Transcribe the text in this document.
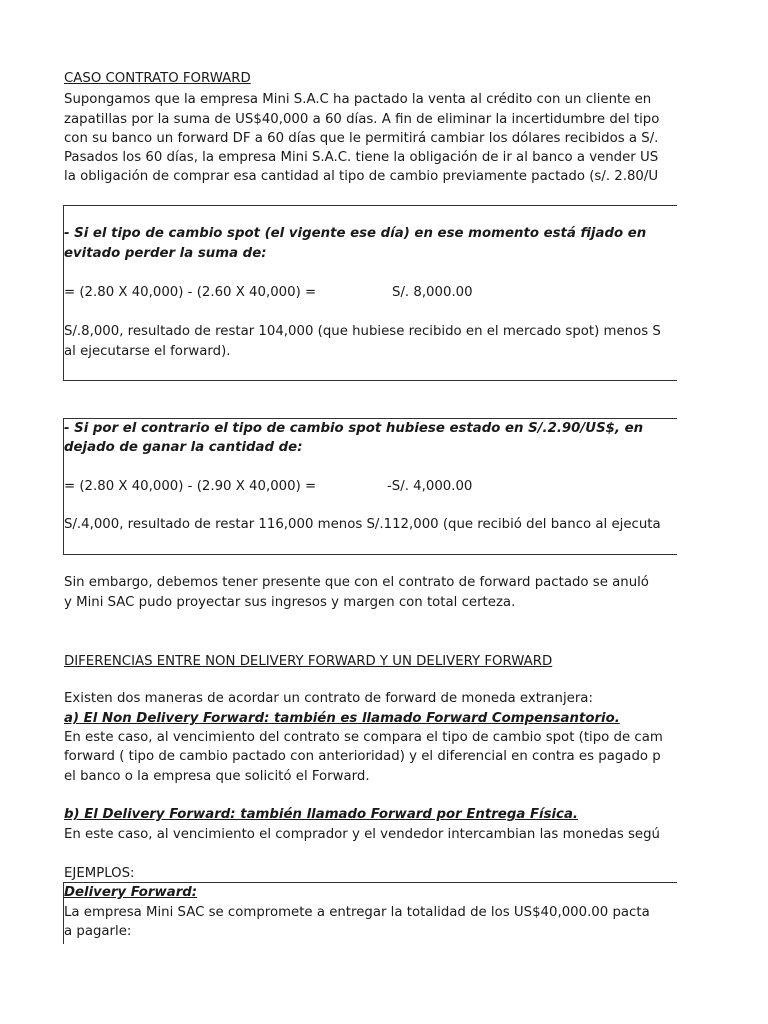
CASO CONTRATO FORWARD
Supongamos que la empresa Mini S.A.C ha pactado la venta al crédito con un cliente en
zapatillas por la suma de US$40,000 a 60 días. A fin de eliminar la incertidumbre del tipo
con su banco un forward DF a 60 días que le permitirá cambiar los dólares recibidos a S/.
Pasados los 60 días, la empresa Mini S.A.C. tiene la obligación de ir al banco a vender US
la obligación de comprar esa cantidad al tipo de cambio previamente pactado (s/. 2.80/U
- Si el tipo de cambio spot (el vigente ese día) en ese momento está fijado en
evitado perder la suma de:
= (2.80 X 40,000) - (2.60 X 40,000) =	S/. 8,000.00
S/.8,000, resultado de restar 104,000 (que hubiese recibido en el mercado spot) menos S
al ejecutarse el forward).
- Si por el contrario el tipo de cambio spot hubiese estado en S/.2.90/US$, en
dejado de ganar la cantidad de:
= (2.80 X 40,000) - (2.90 X 40,000) =	-S/. 4,000.00
S/.4,000, resultado de restar 116,000 menos S/.112,000 (que recibió del banco al ejecuta
Sin embargo, debemos tener presente que con el contrato de forward pactado se anuló
y Mini SAC pudo proyectar sus ingresos y margen con total certeza.
DIFERENCIAS ENTRE NON DELIVERY FORWARD Y UN DELIVERY FORWARD
Existen dos maneras de acordar un contrato de forward de moneda extranjera:
a) El Non Delivery Forward: también es llamado Forward Compensantorio.
En este caso, al vencimiento del contrato se compara el tipo de cambio spot (tipo de cam
forward ( tipo de cambio pactado con anterioridad) y el diferencial en contra es pagado p
el banco o la empresa que solicitó el Forward.
b) El Delivery Forward: también llamado Forward por Entrega Física.
En este caso, al vencimiento el comprador y el vendedor intercambian las monedas segú
EJEMPLOS:
Delivery Forward:
La empresa Mini SAC se compromete a entregar la totalidad de los US$40,000.00 pacta
a pagarle:
